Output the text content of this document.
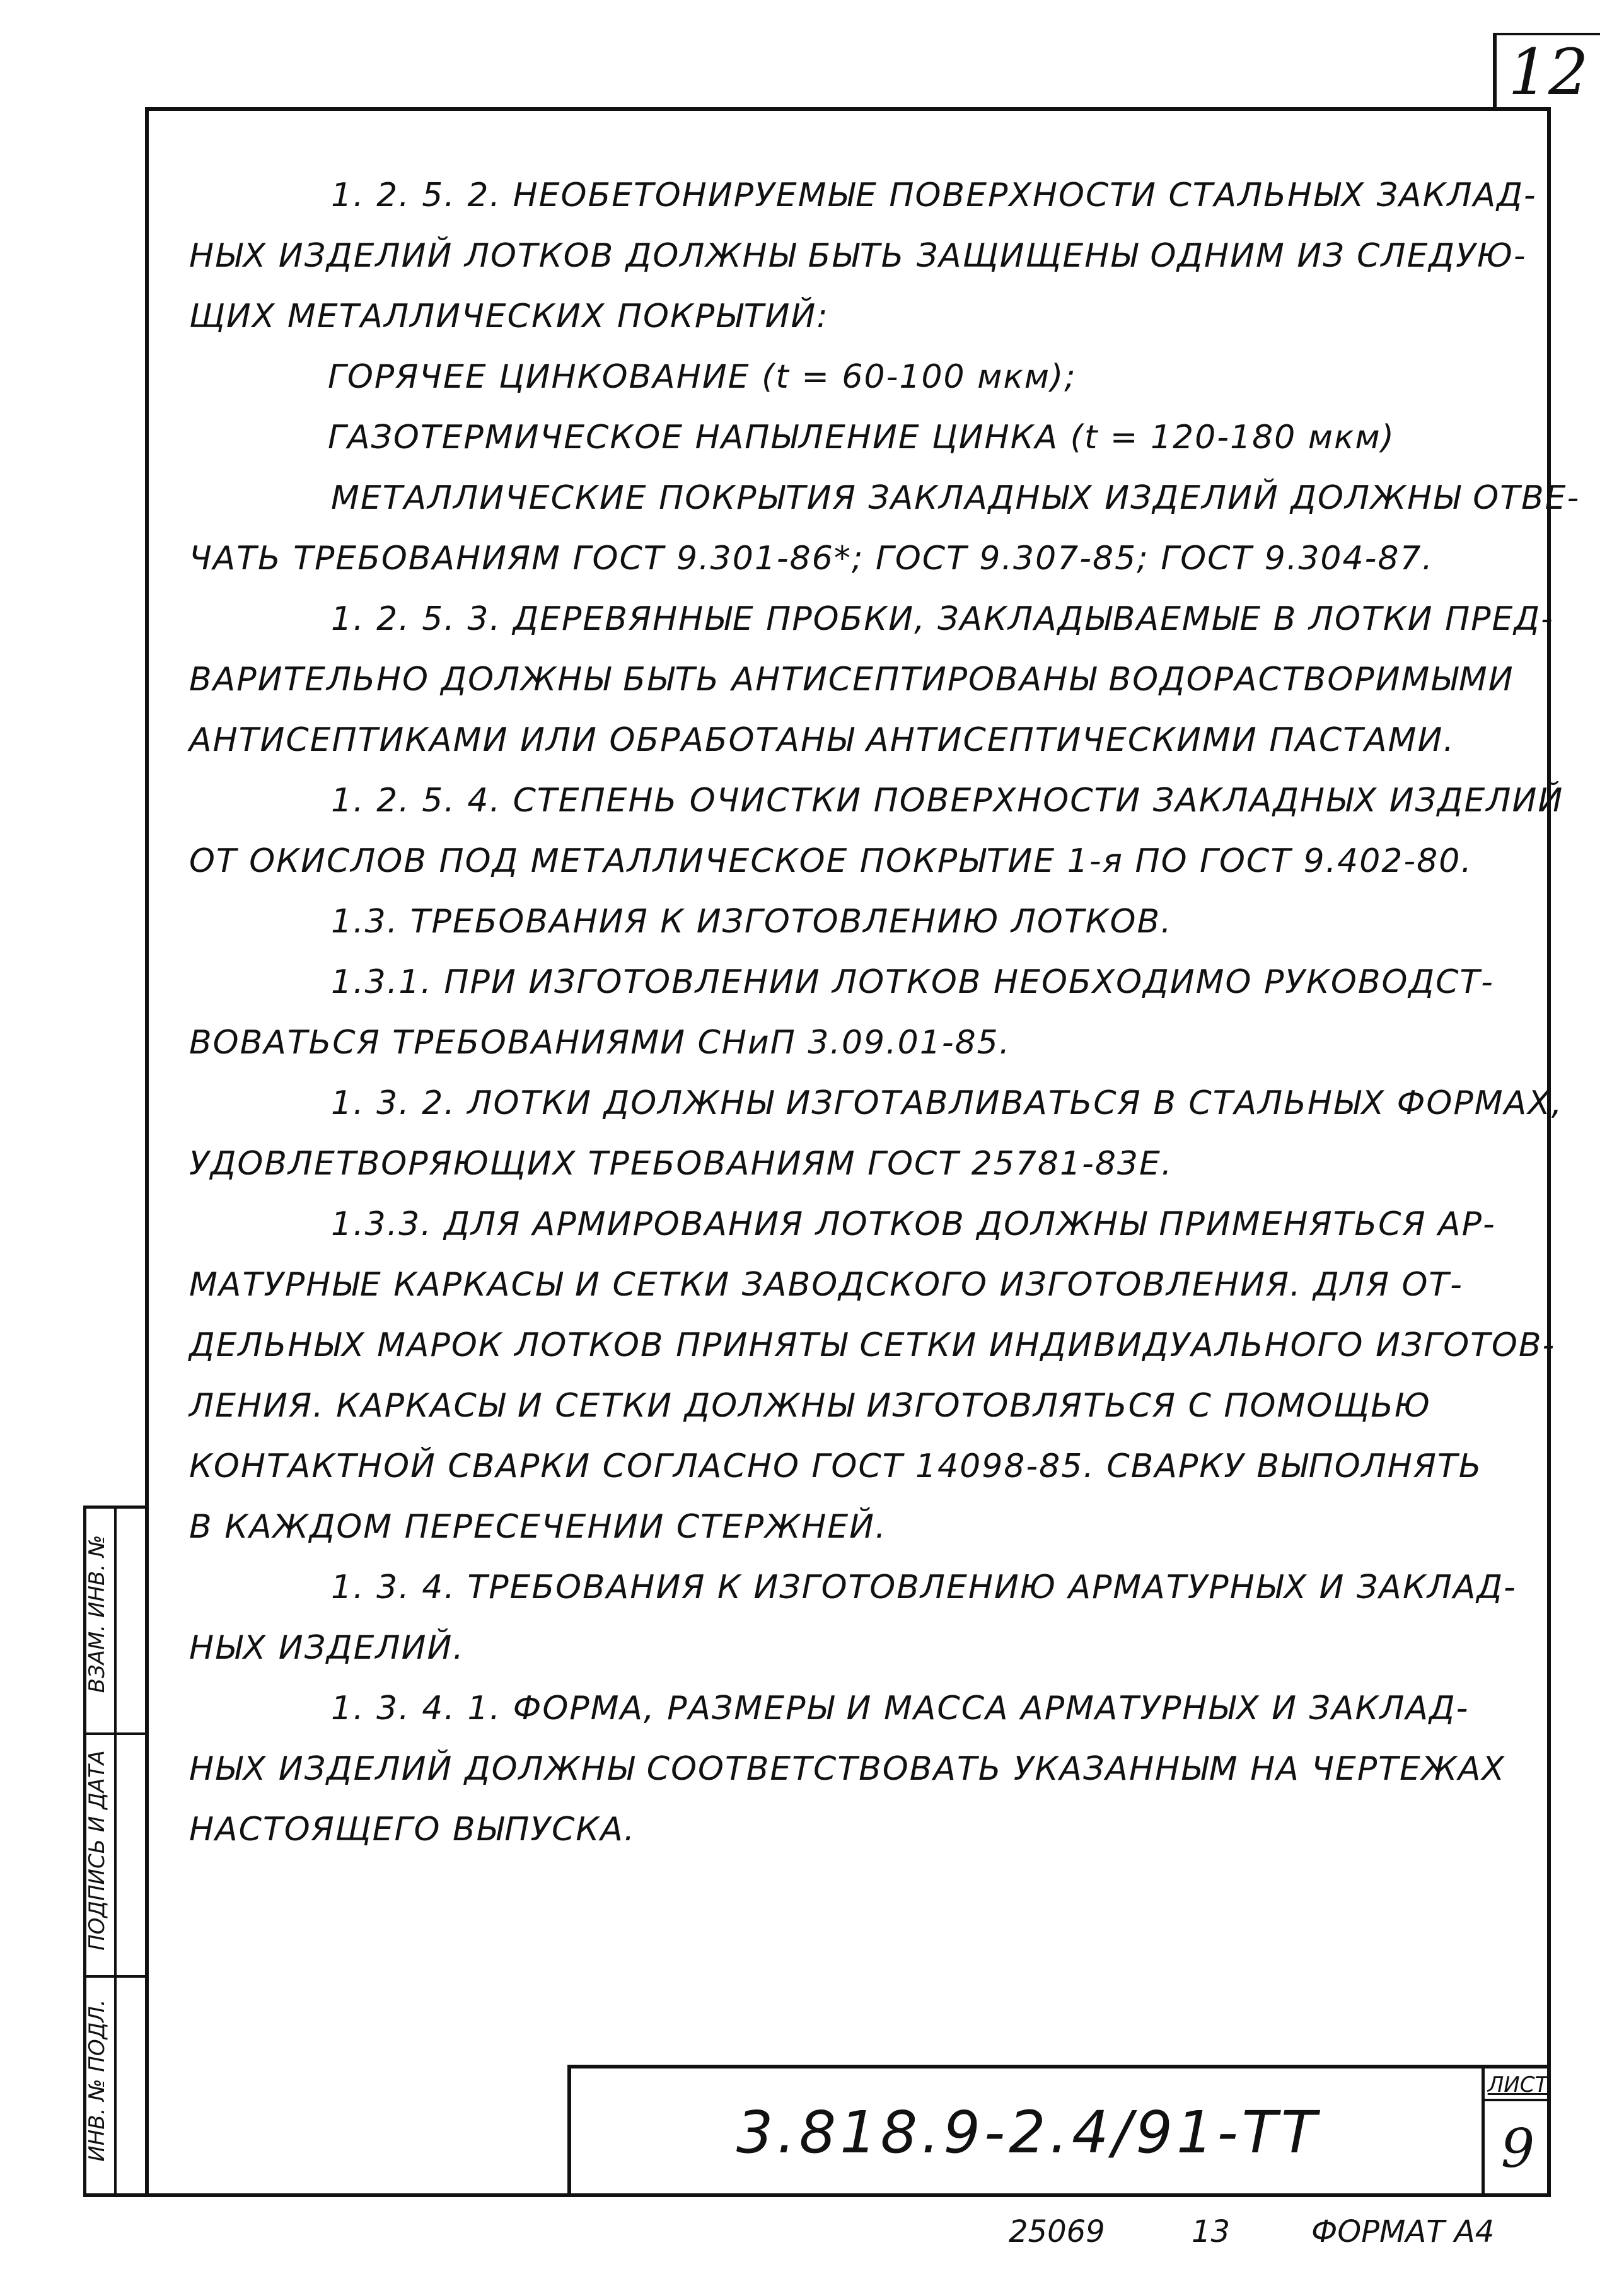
12
ВЗАМ. ИНВ. №
ПОДПИСЬ И ДАТА
ИНВ. № ПОДЛ.
1. 2. 5. 2. НЕОБЕТОНИРУЕМЫЕ ПОВЕРХНОСТИ СТАЛЬНЫХ ЗАКЛАД-
НЫХ ИЗДЕЛИЙ ЛОТКОВ ДОЛЖНЫ БЫТЬ ЗАЩИЩЕНЫ ОДНИМ ИЗ СЛЕДУЮ-
ЩИХ МЕТАЛЛИЧЕСКИХ ПОКРЫТИЙ:
ГОРЯЧЕЕ ЦИНКОВАНИЕ (t = 60-100 мкм);
ГАЗОТЕРМИЧЕСКОЕ НАПЫЛЕНИЕ ЦИНКА (t = 120-180 мкм)
МЕТАЛЛИЧЕСКИЕ ПОКРЫТИЯ ЗАКЛАДНЫХ ИЗДЕЛИЙ ДОЛЖНЫ ОТВЕ-
ЧАТЬ ТРЕБОВАНИЯМ ГОСТ 9.301-86*; ГОСТ 9.307-85; ГОСТ 9.304-87.
1. 2. 5. 3. ДЕРЕВЯННЫЕ ПРОБКИ, ЗАКЛАДЫВАЕМЫЕ В ЛОТКИ ПРЕД-
ВАРИТЕЛЬНО ДОЛЖНЫ БЫТЬ АНТИСЕПТИРОВАНЫ ВОДОРАСТВОРИМЫМИ
АНТИСЕПТИКАМИ ИЛИ ОБРАБОТАНЫ АНТИСЕПТИЧЕСКИМИ ПАСТАМИ.
1. 2. 5. 4. СТЕПЕНЬ ОЧИСТКИ ПОВЕРХНОСТИ ЗАКЛАДНЫХ ИЗДЕЛИЙ
ОТ ОКИСЛОВ ПОД МЕТАЛЛИЧЕСКОЕ ПОКРЫТИЕ 1-я ПО ГОСТ 9.402-80.
1.3. ТРЕБОВАНИЯ К ИЗГОТОВЛЕНИЮ ЛОТКОВ.
1.3.1. ПРИ ИЗГОТОВЛЕНИИ ЛОТКОВ НЕОБХОДИМО РУКОВОДСТ-
ВОВАТЬСЯ ТРЕБОВАНИЯМИ СНиП 3.09.01-85.
1. 3. 2. ЛОТКИ ДОЛЖНЫ ИЗГОТАВЛИВАТЬСЯ В СТАЛЬНЫХ ФОРМАХ,
УДОВЛЕТВОРЯЮЩИХ ТРЕБОВАНИЯМ ГОСТ 25781-83Е.
1.3.3. ДЛЯ АРМИРОВАНИЯ ЛОТКОВ ДОЛЖНЫ ПРИМЕНЯТЬСЯ АР-
МАТУРНЫЕ КАРКАСЫ И СЕТКИ ЗАВОДСКОГО ИЗГОТОВЛЕНИЯ. ДЛЯ ОТ-
ДЕЛЬНЫХ МАРОК ЛОТКОВ ПРИНЯТЫ СЕТКИ ИНДИВИДУАЛЬНОГО ИЗГОТОВ-
ЛЕНИЯ. КАРКАСЫ И СЕТКИ ДОЛЖНЫ ИЗГОТОВЛЯТЬСЯ С ПОМОЩЬЮ
КОНТАКТНОЙ СВАРКИ СОГЛАСНО ГОСТ 14098-85. СВАРКУ ВЫПОЛНЯТЬ
В КАЖДОМ ПЕРЕСЕЧЕНИИ СТЕРЖНЕЙ.
1. 3. 4. ТРЕБОВАНИЯ К ИЗГОТОВЛЕНИЮ АРМАТУРНЫХ И ЗАКЛАД-
НЫХ ИЗДЕЛИЙ.
1. 3. 4. 1. ФОРМА, РАЗМЕРЫ И МАССА АРМАТУРНЫХ И ЗАКЛАД-
НЫХ ИЗДЕЛИЙ ДОЛЖНЫ СООТВЕТСТВОВАТЬ УКАЗАННЫМ НА ЧЕРТЕЖАХ
НАСТОЯЩЕГО ВЫПУСКА.
3.818.9-2.4/91-ТТ
ЛИСТ
9
25069	13	ФОРМАТ А4
